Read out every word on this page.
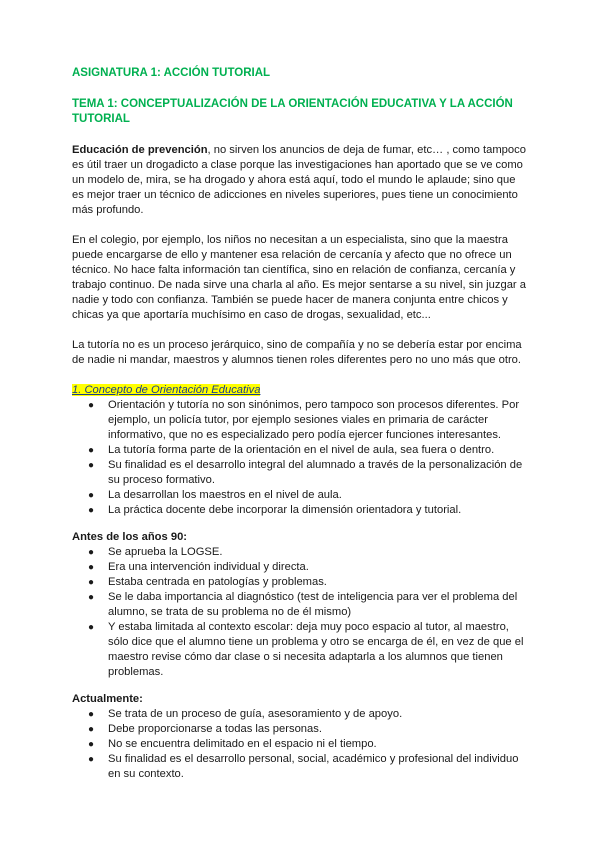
ASIGNATURA 1: ACCIÓN TUTORIAL
TEMA 1: CONCEPTUALIZACIÓN DE LA ORIENTACIÓN EDUCATIVA Y LA ACCIÓN TUTORIAL

Educación de prevención, no sirven los anuncios de deja de fumar, etc… , como tampoco es útil traer un drogadicto a clase porque las investigaciones han aportado que se ve como un modelo de, mira, se ha drogado y ahora está aquí, todo el mundo le aplaude; sino que es mejor traer un técnico de adicciones en niveles superiores, pues tiene un conocimiento más profundo.

En el colegio, por ejemplo, los niños no necesitan a un especialista, sino que la maestra puede encargarse de ello y mantener esa relación de cercanía y afecto que no ofrece un técnico. No hace falta información tan científica, sino en relación de confianza, cercanía y trabajo continuo. De nada sirve una charla al año. Es mejor sentarse a su nivel, sin juzgar a nadie y todo con confianza. También se puede hacer de manera conjunta entre chicos y chicas ya que aportaría muchísimo en caso de drogas, sexualidad, etc...

La tutoría no es un proceso jerárquico, sino de compañía y no se debería estar por encima de nadie ni mandar, maestros y alumnos tienen roles diferentes pero no uno más que otro.

1. Concepto de Orientación Educativa
● Orientación y tutoría no son sinónimos, pero tampoco son procesos diferentes. Por ejemplo, un policía tutor, por ejemplo sesiones viales en primaria de carácter informativo, que no es especializado pero podía ejercer funciones interesantes.
● La tutoría forma parte de la orientación en el nivel de aula, sea fuera o dentro.
● Su finalidad es el desarrollo integral del alumnado a través de la personalización de su proceso formativo.
● La desarrollan los maestros en el nivel de aula.
● La práctica docente debe incorporar la dimensión orientadora y tutorial.
Antes de los años 90:
● Se aprueba la LOGSE.
● Era una intervención individual y directa.
● Estaba centrada en patologías y problemas.
● Se le daba importancia al diagnóstico (test de inteligencia para ver el problema del alumno, se trata de su problema no de él mismo)
● Y estaba limitada al contexto escolar: deja muy poco espacio al tutor, al maestro, sólo dice que el alumno tiene un problema y otro se encarga de él, en vez de que el maestro revise cómo dar clase o si necesita adaptarla a los alumnos que tienen problemas.
Actualmente:
● Se trata de un proceso de guía, asesoramiento y de apoyo.
● Debe proporcionarse a todas las personas.
● No se encuentra delimitado en el espacio ni el tiempo.
● Su finalidad es el desarrollo personal, social, académico y profesional del individuo en su contexto.
